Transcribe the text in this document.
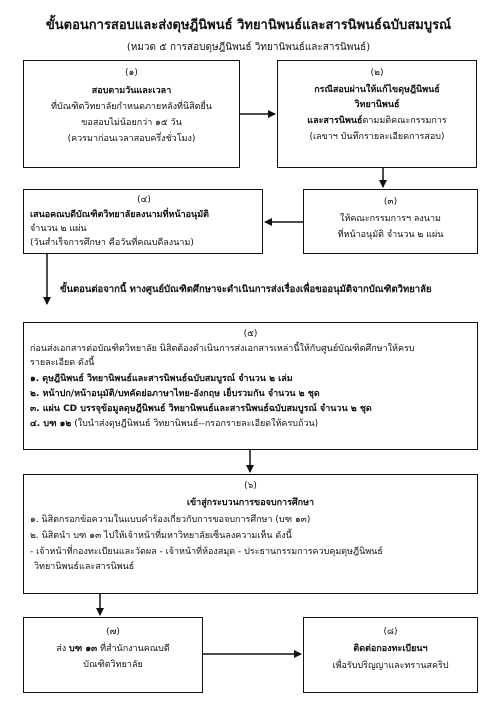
ขั้นตอนการสอบและส่งดุษฎีนิพนธ์ วิทยานิพนธ์และสารนิพนธ์ฉบับสมบูรณ์
(หมวด ๕ การสอบดุษฎีนิพนธ์ วิทยานิพนธ์และสารนิพนธ์)
(๑)
สอบตามวันและเวลา
ที่บัณฑิตวิทยาลัยกำหนดภายหลังที่นิสิตยื่น
ขอสอบไม่น้อยกว่า ๑๕ วัน
(ควรมาก่อนเวลาสอบครึ่งชั่วโมง)
(๒)
กรณีสอบผ่านให้แก้ไขดุษฎีนิพนธ์
วิทยานิพนธ์
และสารนิพนธ์ตามมติคณะกรรมการ
(เลขาฯ บันทึกรายละเอียดการสอบ)
(๓)
ให้คณะกรรมการฯ ลงนาม
ที่หน้าอนุมัติ จำนวน ๒ แผ่น
(๔)
เสนอคณบดีบัณฑิตวิทยาลัยลงนามที่หน้าอนุมัติ
จำนวน ๒ แผ่น
(วันสำเร็จการศึกษา คือวันที่คณบดีลงนาม)
ขั้นตอนต่อจากนี้ ทางศูนย์บัณฑิตศึกษาจะดำเนินการส่งเรื่องเพื่อขออนุมัติจากบัณฑิตวิทยาลัย
(๕)
ก่อนส่งเอกสารต่อบัณฑิตวิทยาลัย นิสิตต้องดำเนินการส่งเอกสารเหล่านี้ให้กับศูนย์บัณฑิตศึกษาให้ครบ
รายละเอียด ดังนี้
๑. ดุษฎีนิพนธ์ วิทยานิพนธ์และสารนิพนธ์ฉบับสมบูรณ์ จำนวน ๒ เล่ม
๒. หน้าปก/หน้าอนุมัติ/บทคัดย่อภาษาไทย-อังกฤษ เย็บรวมกัน จำนวน ๒ ชุด
๓. แผ่น CD บรรจุข้อมูลดุษฎีนิพนธ์ วิทยานิพนธ์และสารนิพนธ์ฉบับสมบูรณ์ จำนวน ๒ ชุด
๔. บฑ ๑๒ (ใบนำส่งดุษฎีนิพนธ์ วิทยานิพนธ์--กรอกรายละเอียดให้ครบถ้วน)
(๖)
เข้าสู่กระบวนการขอจบการศึกษา
๑. นิสิตกรอกข้อความในแบบคำร้องเกี่ยวกับการขอจบการศึกษา (บฑ ๑๓)
๒. นิสิตนำ บฑ ๑๓ ไปให้เจ้าหน้าที่มหาวิทยาลัยเซ็นลงความเห็น ดังนี้
- เจ้าหน้าที่กองทะเบียนและวัดผล - เจ้าหน้าที่ห้องสมุด - ประธานกรรมการควบคุมดุษฎีนิพนธ์
วิทยานิพนธ์และสารนิพนธ์
(๗)
ส่ง บฑ ๑๓ ที่สำนักงานคณบดี
บัณฑิตวิทยาลัย
(๘)
ติดต่อกองทะเบียนฯ
เพื่อรับปริญญาและทรานสคริป
